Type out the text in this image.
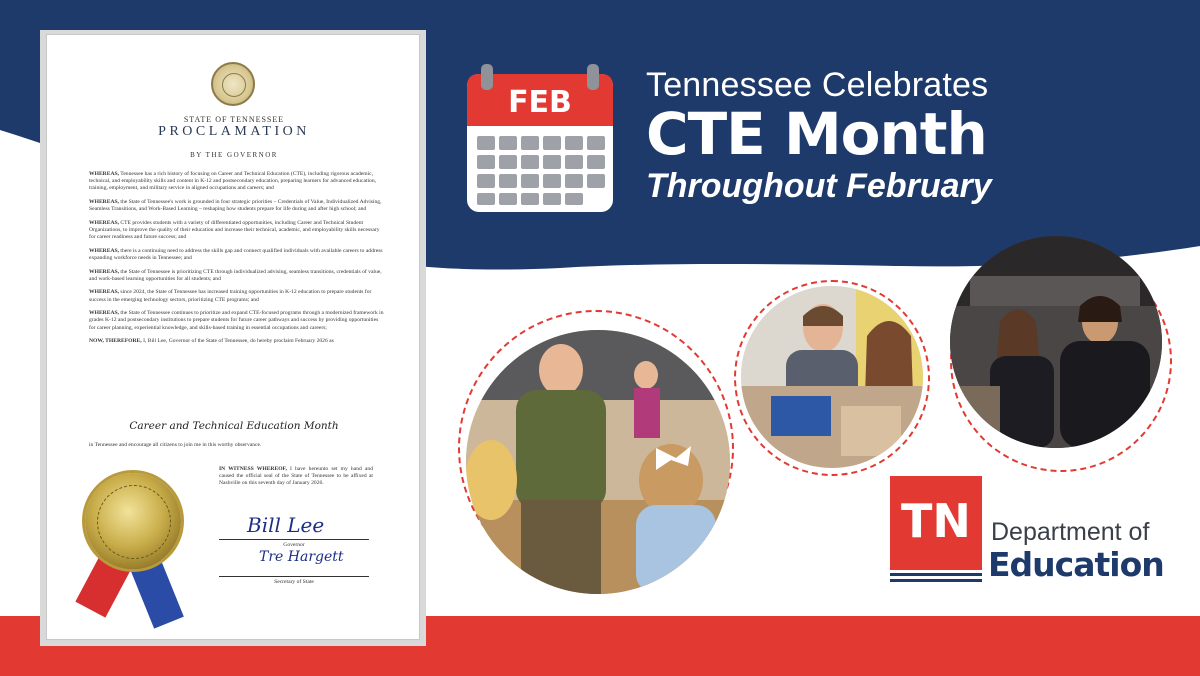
STATE OF TENNESSEE
PROCLAMATION
BY THE GOVERNOR

WHEREAS, Tennessee has a rich history of focusing on Career and Technical Education (CTE), including rigorous academic, technical, and employability skills and content in K-12 and postsecondary education, preparing learners for advanced education, training, employment, and military service in aligned occupations and careers; and

WHEREAS, the State of Tennessee's work is grounded in four strategic priorities – Credentials of Value, Individualized Advising, Seamless Transitions, and Work-Based Learning – reshaping how students prepare for life during and after high school; and

WHEREAS, CTE provides students with a variety of differentiated opportunities, including Career and Technical Student Organizations, to improve the quality of their education and increase their technical, academic, and employability skills necessary for career readiness and future success; and

WHEREAS, there is a continuing need to address the skills gap and connect qualified individuals with available careers to address expanding workforce needs in Tennessee; and

WHEREAS, the State of Tennessee is prioritizing CTE through individualized advising, seamless transitions, credentials of value, and work-based learning opportunities for all students; and

WHEREAS, since 2024, the State of Tennessee has increased training opportunities in K-12 education to prepare students for success in the emerging technology sectors, prioritizing CTE programs; and

WHEREAS, the State of Tennessee continues to prioritize and expand CTE-focused programs through a modernized framework in grades K-12 and postsecondary institutions to prepare students for future career pathways and success by providing opportunities for career planning, experiential knowledge, and skills-based training in essential occupations and careers;

NOW, THEREFORE, I, Bill Lee, Governor of the State of Tennessee, do hereby proclaim February 2026 as

Career and Technical Education Month
in Tennessee and encourage all citizens to join me in this worthy observance.
IN WITNESS WHEREOF, I have hereunto set my hand and caused the official seal of the State of Tennessee to be affixed at Nashville on this seventh day of January 2026.
Bill Lee
Governor
Tre Hargett
Secretary of State
FEB Tennessee Celebrates
CTE Month
Throughout February
TN Department of
Education
